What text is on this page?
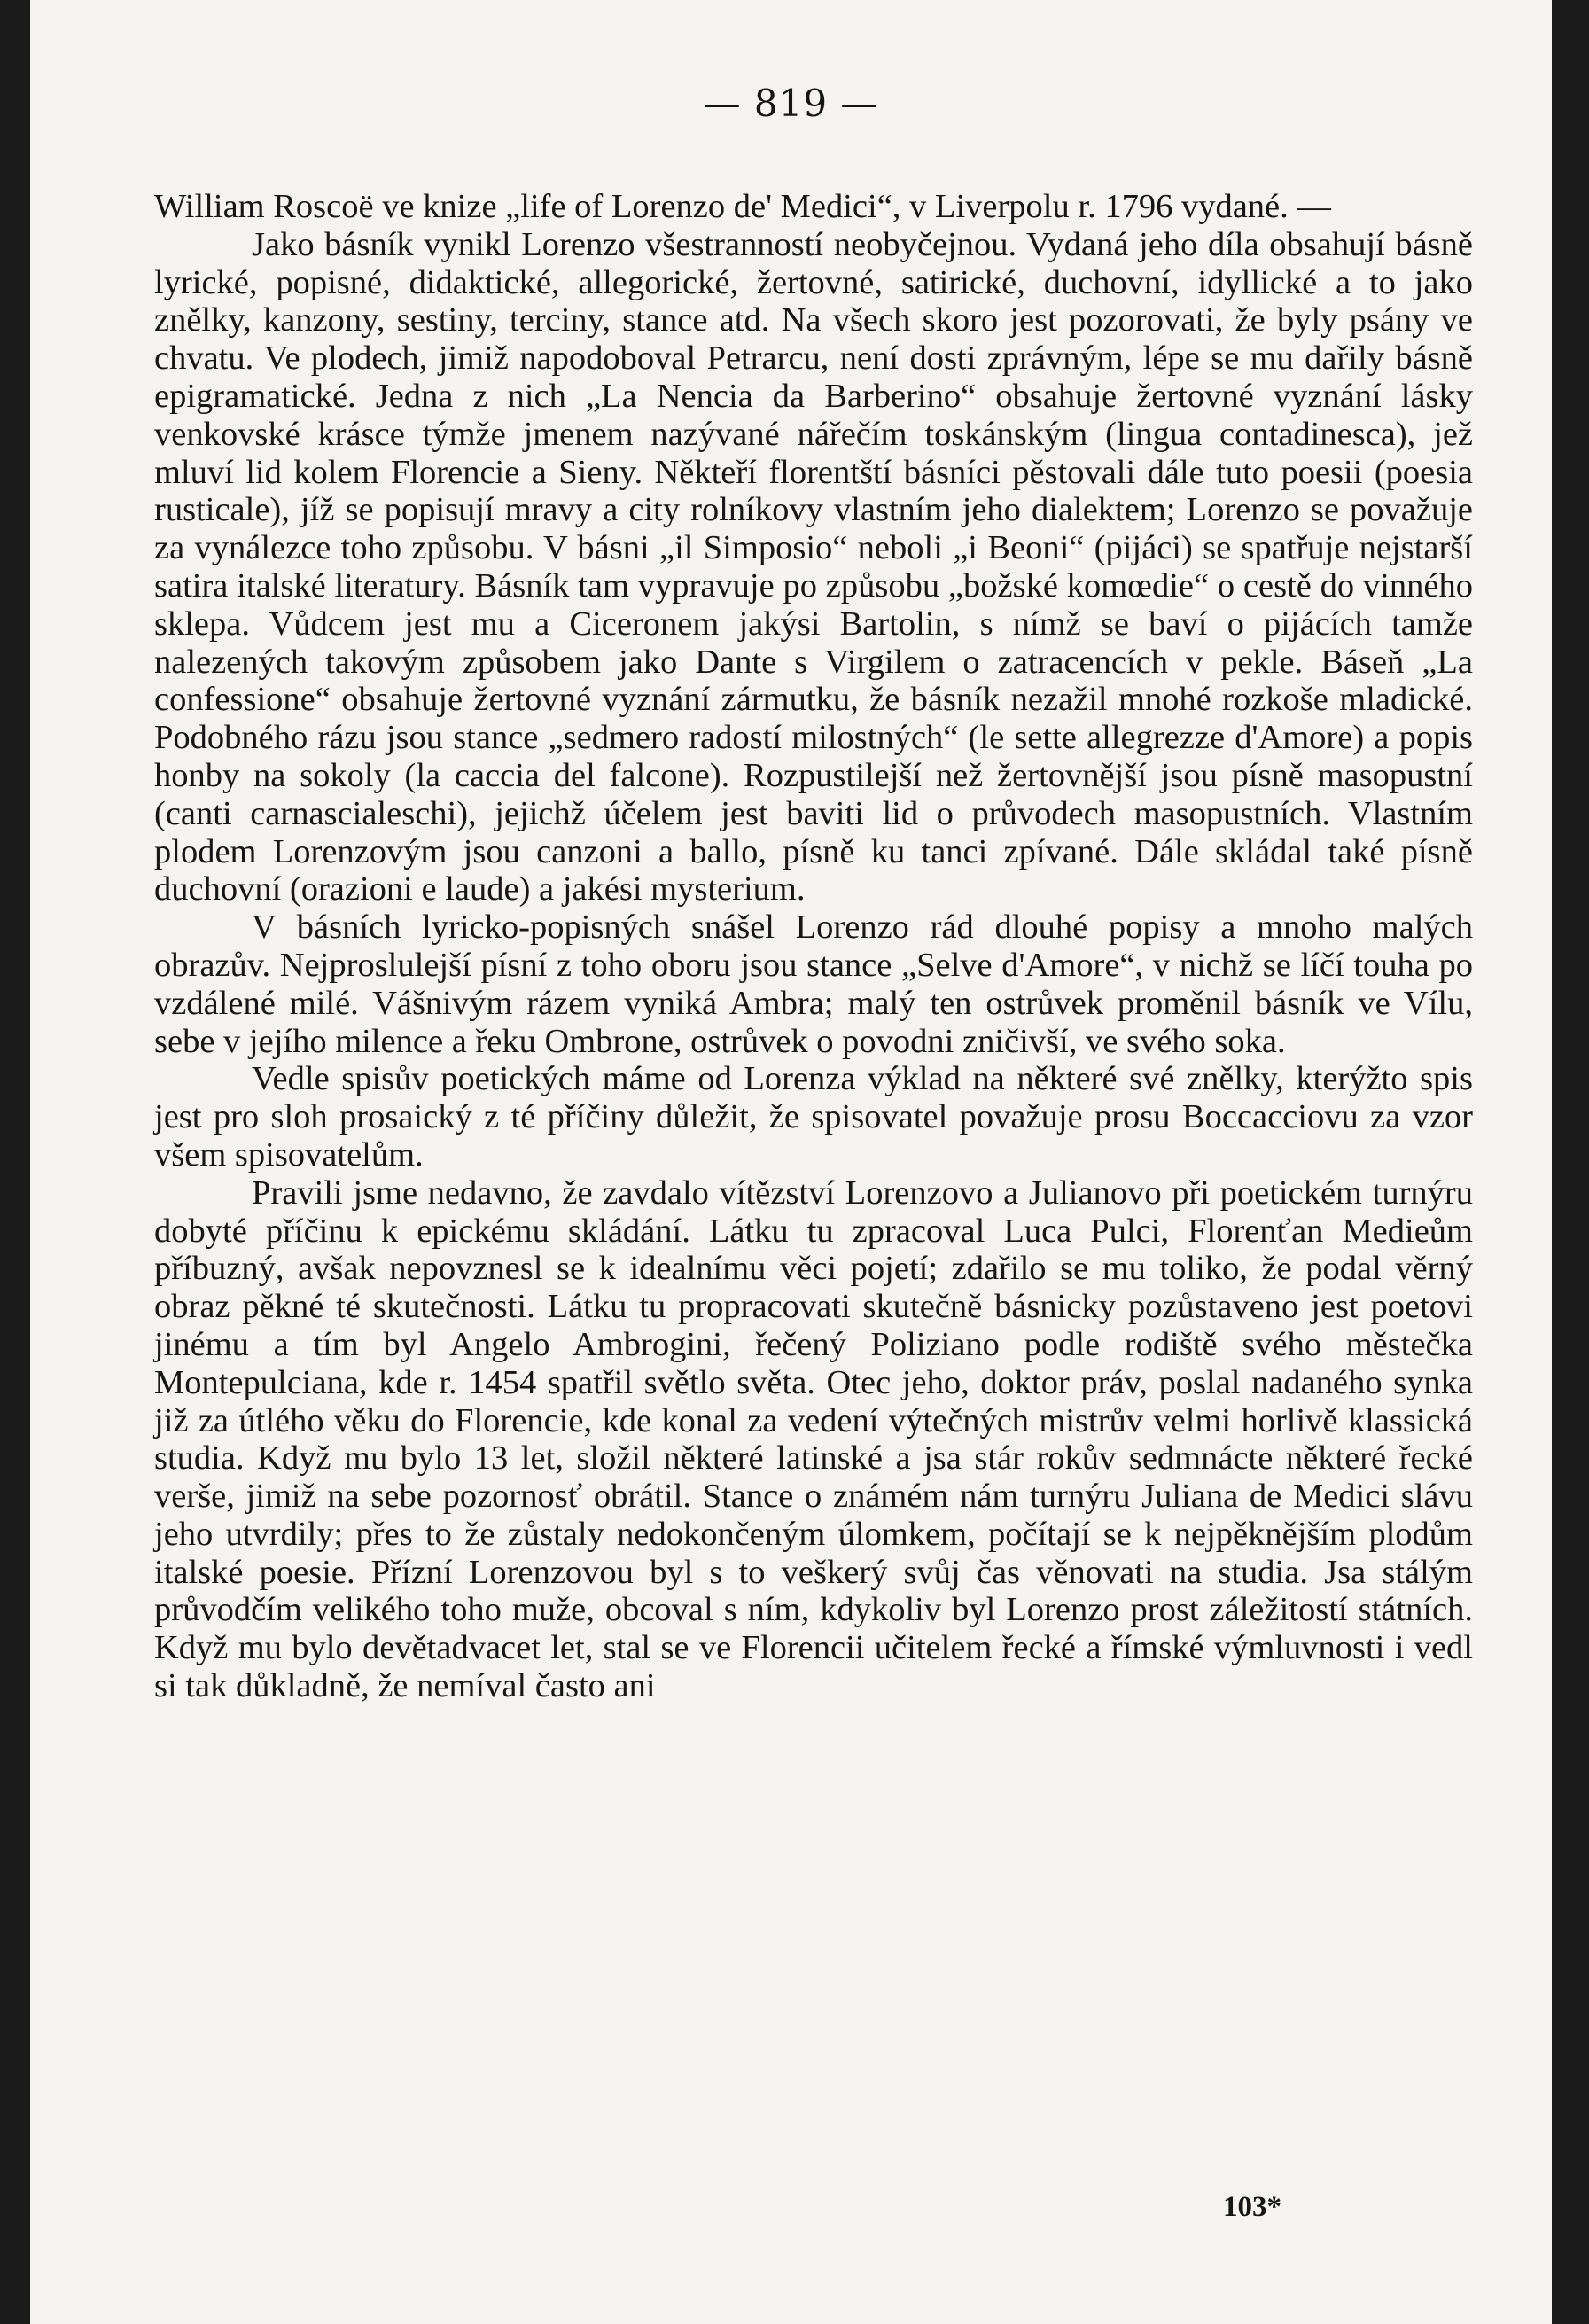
— 819 —

William Roscoë ve knize „life of Lorenzo de' Medici“, v Liverpolu r. 1796 vydané. —

Jako básník vynikl Lorenzo všestranností neobyčejnou. Vydaná jeho díla obsahují básně lyrické, popisné, didaktické, allegorické, žertovné, satirické, duchovní, idyllické a to jako znělky, kanzony, sestiny, terciny, stance atd. Na všech skoro jest pozorovati, že byly psány ve chvatu. Ve plodech, jimiž napodoboval Petrarcu, není dosti zprávným, lépe se mu dařily básně epigramatické. Jedna z nich „La Nencia da Barberino“ obsahuje žertovné vyznání lásky venkovské krásce týmže jmenem nazývané nářečím toskánským (lingua contadinesca), jež mluví lid kolem Florencie a Sieny. Někteří florentští básníci pěstovali dále tuto poesii (poesia rusticale), jíž se popisují mravy a city rolníkovy vlastním jeho dialektem; Lorenzo se považuje za vynálezce toho způsobu. V básni „il Simposio“ neboli „i Beoni“ (pijáci) se spatřuje nejstarší satira italské literatury. Básník tam vypravuje po způsobu „božské komœdie“ o cestě do vinného sklepa. Vůdcem jest mu a Ciceronem jakýsi Bartolin, s nímž se baví o pijácích tamže nalezených takovým způsobem jako Dante s Virgilem o zatracencích v pekle. Báseň „La confessione“ obsahuje žertovné vyznání zármutku, že básník nezažil mnohé rozkoše mladické. Podobného rázu jsou stance „sedmero radostí milostných“ (le sette allegrezze d'Amore) a popis honby na sokoly (la caccia del falcone). Rozpustilejší než žertovnější jsou písně masopustní (canti carnascialeschi), jejichž účelem jest baviti lid o průvodech masopustních. Vlastním plodem Lorenzovým jsou canzoni a ballo, písně ku tanci zpívané. Dále skládal také písně duchovní (orazioni e laude) a jakési mysterium.

V básních lyricko-popisných snášel Lorenzo rád dlouhé popisy a mnoho malých obrazův. Nejproslulejší písní z toho oboru jsou stance „Selve d'Amore“, v nichž se líčí touha po vzdálené milé. Vášnivým rázem vyniká Ambra; malý ten ostrůvek proměnil básník ve Vílu, sebe v jejího milence a řeku Ombrone, ostrůvek o povodni zničivší, ve svého soka.

Vedle spisův poetických máme od Lorenza výklad na některé své znělky, kterýžto spis jest pro sloh prosaický z té příčiny důležit, že spisovatel považuje prosu Boccacciovu za vzor všem spisovatelům.

Pravili jsme nedavno, že zavdalo vítězství Lorenzovo a Julianovo při poetickém turnýru dobyté příčinu k epickému skládání. Látku tu zpracoval Luca Pulci, Florenťan Medieům příbuzný, avšak nepovznesl se k idealnímu věci pojetí; zdařilo se mu toliko, že podal věrný obraz pěkné té skutečnosti. Látku tu propracovati skutečně básnicky pozůstaveno jest poetovi jinému a tím byl Angelo Ambrogini, řečený Poliziano podle rodiště svého městečka Montepulciana, kde r. 1454 spatřil světlo světa. Otec jeho, doktor práv, poslal nadaného synka již za útlého věku do Florencie, kde konal za vedení výtečných mistrův velmi horlivě klassická studia. Když mu bylo 13 let, složil některé latinské a jsa stár rokův sedmnácte některé řecké verše, jimiž na sebe pozornosť obrátil. Stance o známém nám turnýru Juliana de Medici slávu jeho utvrdily; přes to že zůstaly nedokončeným úlomkem, počítají se k nejpěknějším plodům italské poesie. Přízní Lorenzovou byl s to veškerý svůj čas věnovati na studia. Jsa stálým průvodčím velikého toho muže, obcoval s ním, kdykoliv byl Lorenzo prost záležitostí státních. Když mu bylo devětadvacet let, stal se ve Florencii učitelem řecké a římské výmluvnosti i vedl si tak důkladně, že nemíval často ani

103*
